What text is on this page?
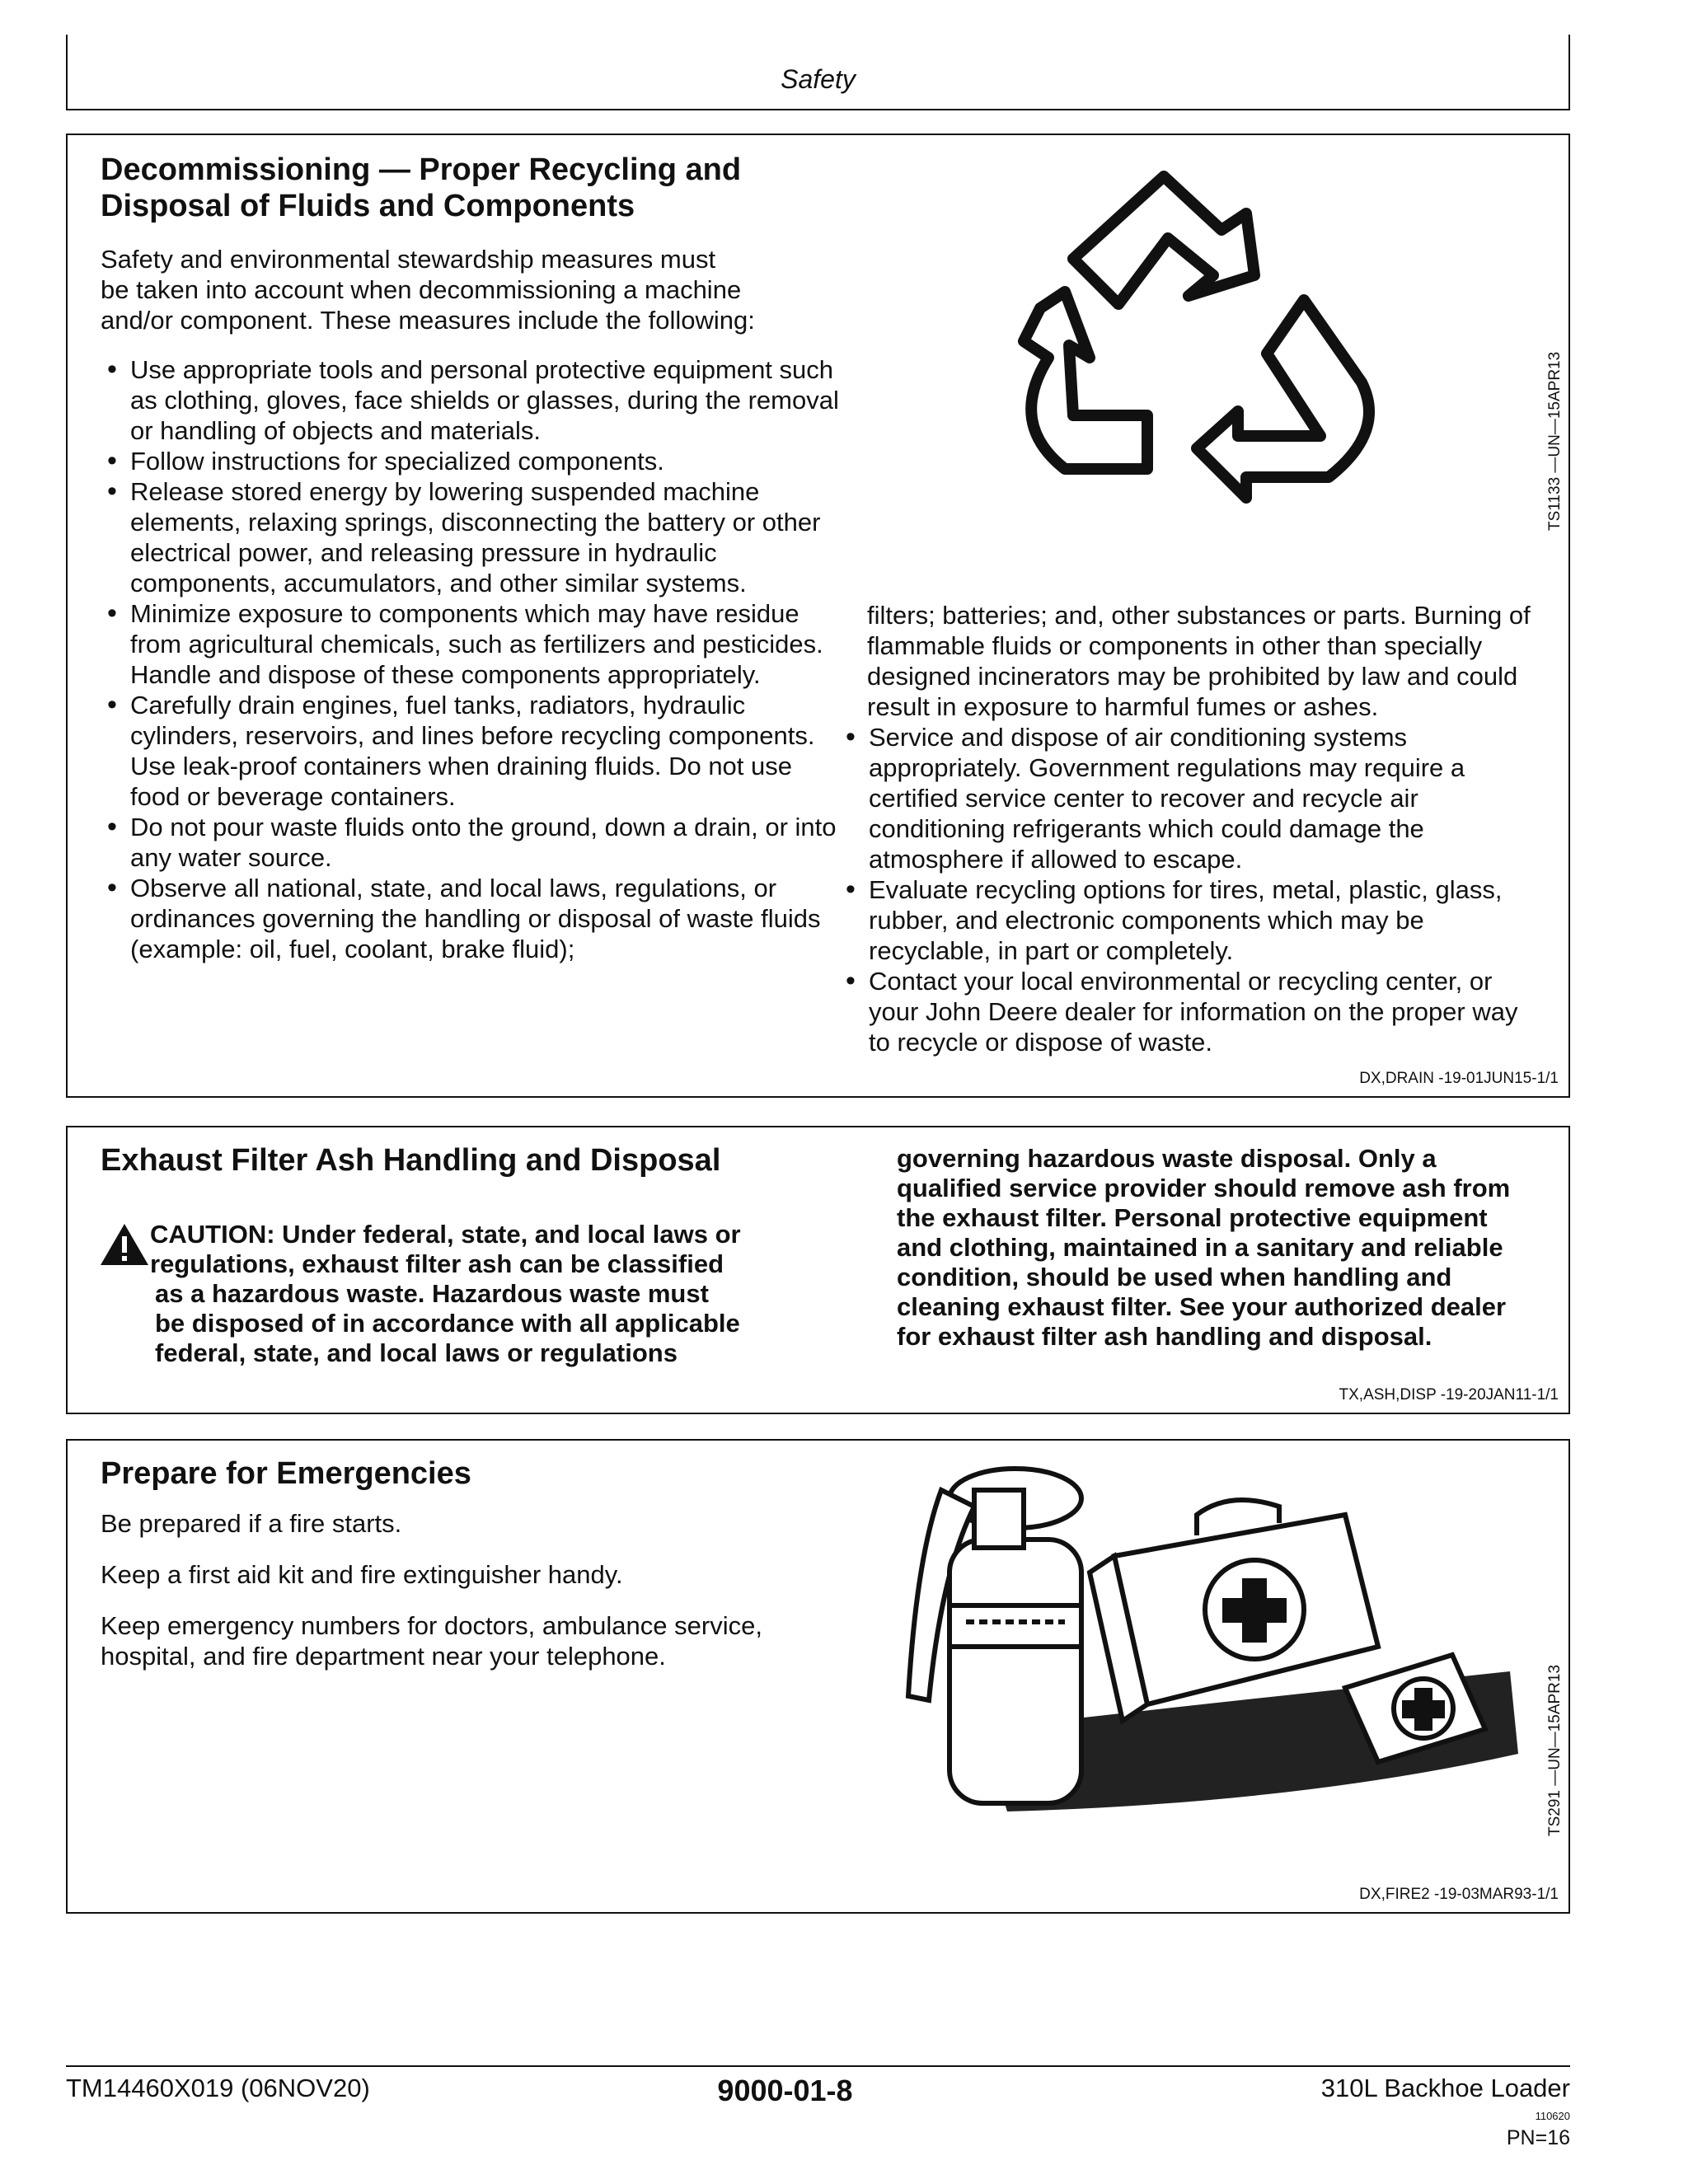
Safety
Decommissioning — Proper Recycling and
Disposal of Fluids and Components
Safety and environmental stewardship measures must
be taken into account when decommissioning a machine
and/or component. These measures include the following:
• Use appropriate tools and personal protective equipment such as clothing, gloves, face shields or glasses, during the removal or handling of objects and materials.
• Follow instructions for specialized components.
• Release stored energy by lowering suspended machine elements, relaxing springs, disconnecting the battery or other electrical power, and releasing pressure in hydraulic components, accumulators, and other similar systems.
• Minimize exposure to components which may have residue from agricultural chemicals, such as fertilizers and pesticides. Handle and dispose of these components appropriately.
• Carefully drain engines, fuel tanks, radiators, hydraulic cylinders, reservoirs, and lines before recycling components. Use leak-proof containers when draining fluids. Do not use food or beverage containers.
• Do not pour waste fluids onto the ground, down a drain, or into any water source.
• Observe all national, state, and local laws, regulations, or ordinances governing the handling or disposal of waste fluids (example: oil, fuel, coolant, brake fluid);
TS1133 —UN—15APR13
filters; batteries; and, other substances or parts. Burning of flammable fluids or components in other than specially designed incinerators may be prohibited by law and could result in exposure to harmful fumes or ashes.
• Service and dispose of air conditioning systems appropriately. Government regulations may require a certified service center to recover and recycle air conditioning refrigerants which could damage the atmosphere if allowed to escape.
• Evaluate recycling options for tires, metal, plastic, glass, rubber, and electronic components which may be recyclable, in part or completely.
• Contact your local environmental or recycling center, or your John Deere dealer for information on the proper way to recycle or dispose of waste.
DX,DRAIN -19-01JUN15-1/1
Exhaust Filter Ash Handling and Disposal
CAUTION: Under federal, state, and local laws or
regulations, exhaust filter ash can be classified
as a hazardous waste. Hazardous waste must
be disposed of in accordance with all applicable
federal, state, and local laws or regulations
governing hazardous waste disposal. Only a
qualified service provider should remove ash from
the exhaust filter. Personal protective equipment
and clothing, maintained in a sanitary and reliable
condition, should be used when handling and
cleaning exhaust filter. See your authorized dealer
for exhaust filter ash handling and disposal.
TX,ASH,DISP -19-20JAN11-1/1
Prepare for Emergencies
Be prepared if a fire starts.
Keep a first aid kit and fire extinguisher handy.
Keep emergency numbers for doctors, ambulance service,
hospital, and fire department near your telephone.
TS291 —UN—15APR13
DX,FIRE2 -19-03MAR93-1/1
TM14460X019 (06NOV20)	9000-01-8	310L Backhoe Loader
110620
PN=16
